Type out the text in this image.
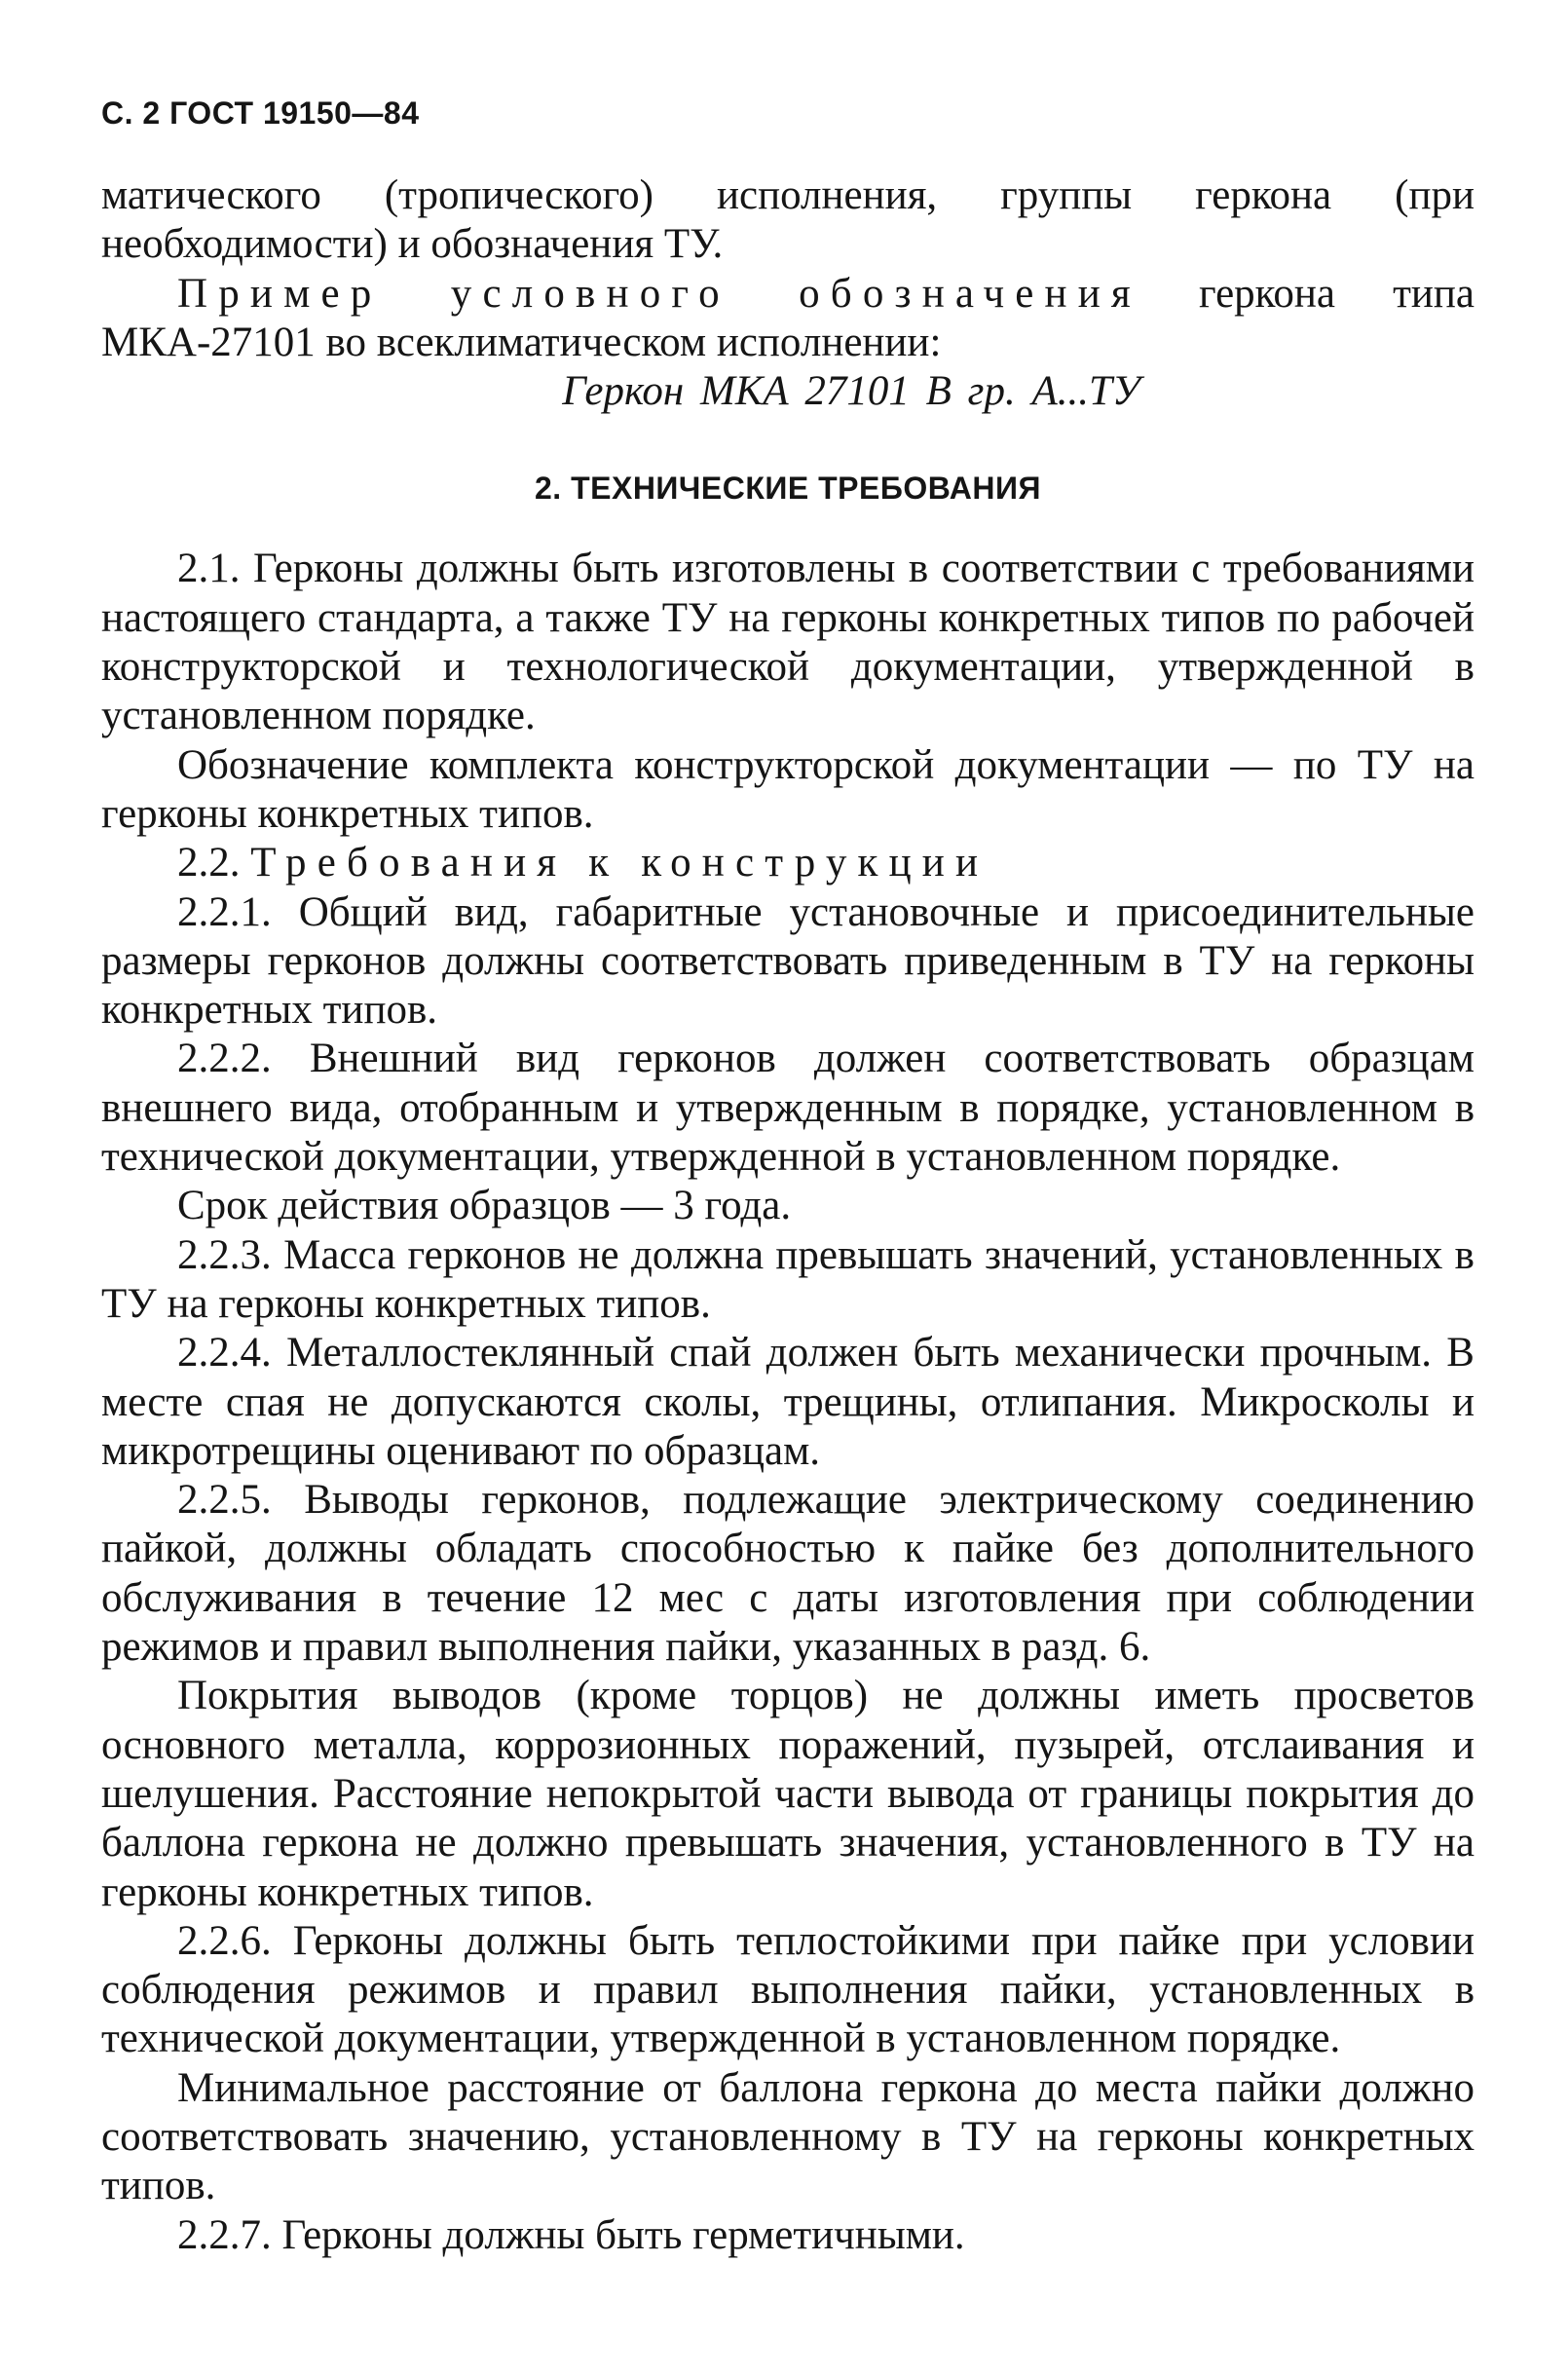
С. 2 ГОСТ 19150—84

матического (тропического) исполнения, группы геркона (при необходимости) и обозначения ТУ.

Пример условного обозначения геркона типа МКА-27101 во всеклиматическом исполнении:

Геркон МКА 27101 В гр. А...ТУ

2. ТЕХНИЧЕСКИЕ ТРЕБОВАНИЯ

2.1. Герконы должны быть изготовлены в соответствии с требованиями настоящего стандарта, а также ТУ на герконы конкретных типов по рабочей конструкторской и технологической документации, утвержденной в установленном порядке.

Обозначение комплекта конструкторской документации — по ТУ на герконы конкретных типов.

2.2. Требования к конструкции

2.2.1. Общий вид, габаритные установочные и присоединительные размеры герконов должны соответствовать приведенным в ТУ на герконы конкретных типов.

2.2.2. Внешний вид герконов должен соответствовать образцам внешнего вида, отобранным и утвержденным в порядке, установленном в технической документации, утвержденной в установленном порядке.

Срок действия образцов — 3 года.

2.2.3. Масса герконов не должна превышать значений, установленных в ТУ на герконы конкретных типов.

2.2.4. Металлостеклянный спай должен быть механически прочным. В месте спая не допускаются сколы, трещины, отлипания. Микросколы и микротрещины оценивают по образцам.

2.2.5. Выводы герконов, подлежащие электрическому соединению пайкой, должны обладать способностью к пайке без дополнительного обслуживания в течение 12 мес с даты изготовления при соблюдении режимов и правил выполнения пайки, указанных в разд. 6.

Покрытия выводов (кроме торцов) не должны иметь просветов основного металла, коррозионных поражений, пузырей, отслаивания и шелушения. Расстояние непокрытой части вывода от границы покрытия до баллона геркона не должно превышать значения, установленного в ТУ на герконы конкретных типов.

2.2.6. Герконы должны быть теплостойкими при пайке при условии соблюдения режимов и правил выполнения пайки, установленных в технической документации, утвержденной в установленном порядке.

Минимальное расстояние от баллона геркона до места пайки должно соответствовать значению, установленному в ТУ на герконы конкретных типов.

2.2.7. Герконы должны быть герметичными.
